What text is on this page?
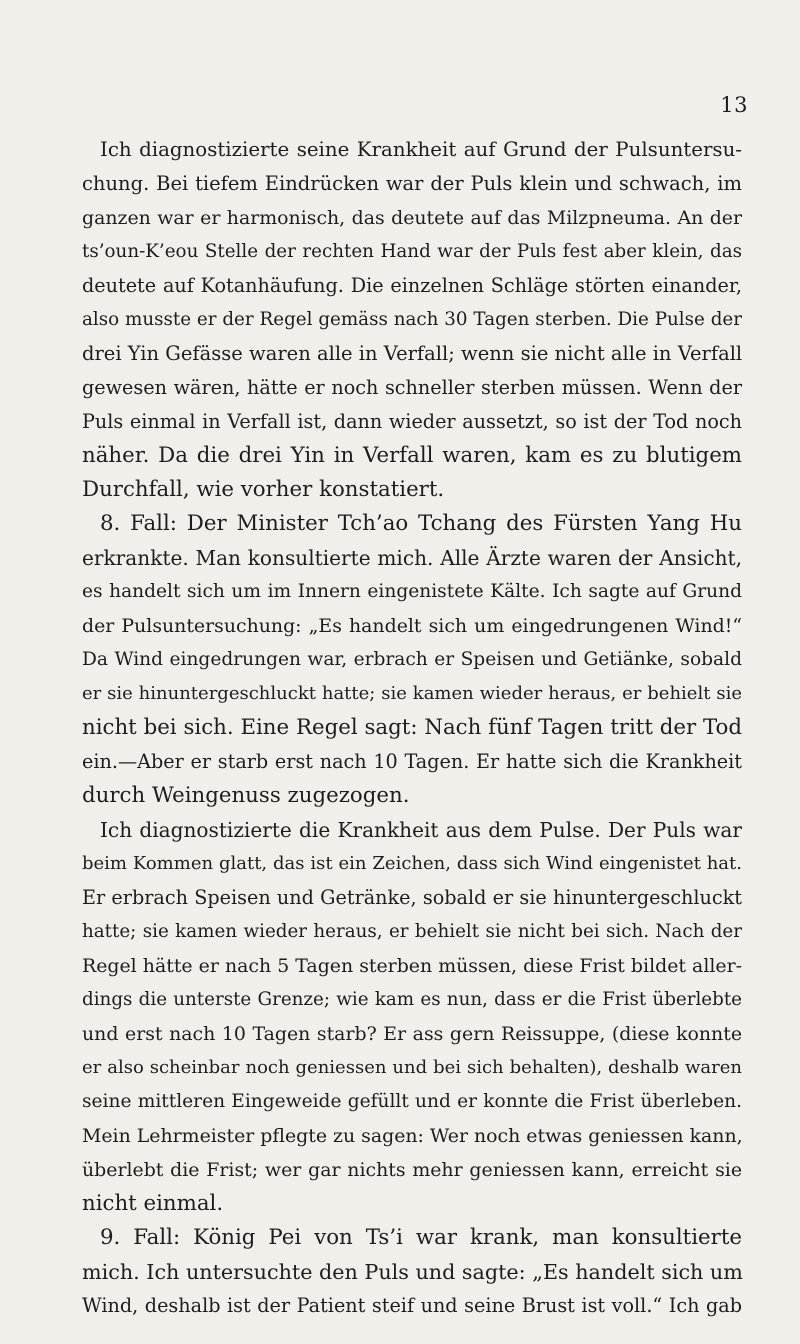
13
Ich diagnostizierte seine Krankheit auf Grund der Pulsuntersu-
chung. Bei tiefem Eindrücken war der Puls klein und schwach, im
ganzen war er harmonisch, das deutete auf das Milzpneuma. An der
ts’oun-K’eou Stelle der rechten Hand war der Puls fest aber klein, das
deutete auf Kotanhäufung. Die einzelnen Schläge störten einander,
also musste er der Regel gemäss nach 30 Tagen sterben. Die Pulse der
drei Yin Gefässe waren alle in Verfall; wenn sie nicht alle in Verfall
gewesen wären, hätte er noch schneller sterben müssen. Wenn der
Puls einmal in Verfall ist, dann wieder aussetzt, so ist der Tod noch
näher. Da die drei Yin in Verfall waren, kam es zu blutigem
Durchfall, wie vorher konstatiert.
8. Fall: Der Minister Tch’ao Tchang des Fürsten Yang Hu
erkrankte. Man konsultierte mich. Alle Ärzte waren der Ansicht,
es handelt sich um im Innern eingenistete Kälte. Ich sagte auf Grund
der Pulsuntersuchung: „Es handelt sich um eingedrungenen Wind!“
Da Wind eingedrungen war, erbrach er Speisen und Getiänke, sobald
er sie hinuntergeschluckt hatte; sie kamen wieder heraus, er behielt sie
nicht bei sich. Eine Regel sagt: Nach fünf Tagen tritt der Tod
ein.—Aber er starb erst nach 10 Tagen. Er hatte sich die Krankheit
durch Weingenuss zugezogen.
Ich diagnostizierte die Krankheit aus dem Pulse. Der Puls war
beim Kommen glatt, das ist ein Zeichen, dass sich Wind eingenistet hat.
Er erbrach Speisen und Getränke, sobald er sie hinuntergeschluckt
hatte; sie kamen wieder heraus, er behielt sie nicht bei sich. Nach der
Regel hätte er nach 5 Tagen sterben müssen, diese Frist bildet aller-
dings die unterste Grenze; wie kam es nun, dass er die Frist überlebte
und erst nach 10 Tagen starb? Er ass gern Reissuppe, (diese konnte
er also scheinbar noch geniessen und bei sich behalten), deshalb waren
seine mittleren Eingeweide gefüllt und er konnte die Frist überleben.
Mein Lehrmeister pflegte zu sagen: Wer noch etwas geniessen kann,
überlebt die Frist; wer gar nichts mehr geniessen kann, erreicht sie
nicht einmal.
9. Fall: König Pei von Ts’i war krank, man konsultierte
mich. Ich untersuchte den Puls und sagte: „Es handelt sich um
Wind, deshalb ist der Patient steif und seine Brust ist voll.“ Ich gab
